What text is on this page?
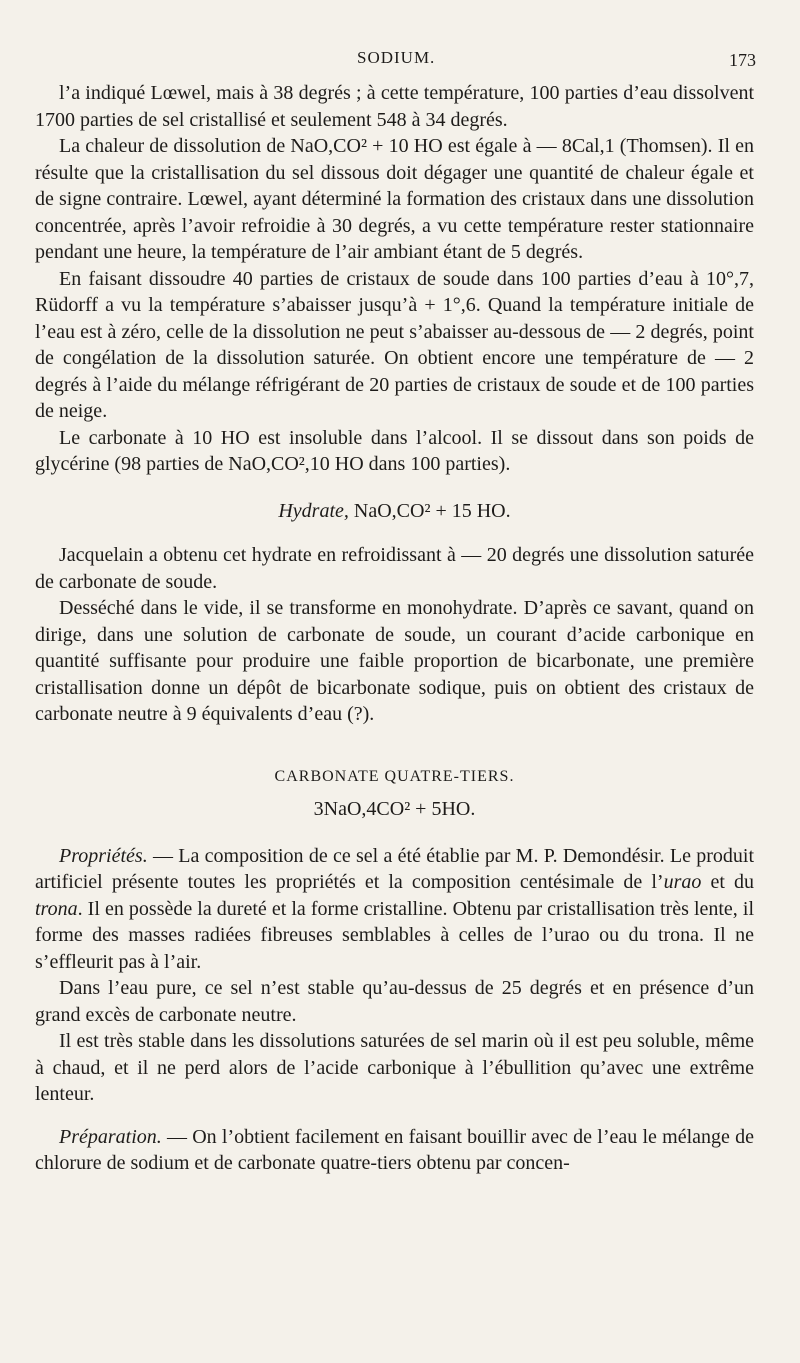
SODIUM.	173

l’a indiqué Lœwel, mais à 38 degrés ; à cette température, 100 parties d’eau dissolvent 1700 parties de sel cristallisé et seulement 548 à 34 degrés.

La chaleur de dissolution de NaO,CO² + 10 HO est égale à — 8Cal,1 (Thomsen). Il en résulte que la cristallisation du sel dissous doit dégager une quantité de chaleur égale et de signe contraire. Lœwel, ayant déterminé la formation des cristaux dans une dissolution concentrée, après l’avoir refroidie à 30 degrés, a vu cette température rester stationnaire pendant une heure, la température de l’air ambiant étant de 5 degrés.

En faisant dissoudre 40 parties de cristaux de soude dans 100 parties d’eau à 10°,7, Rüdorff a vu la température s’abaisser jusqu’à + 1°,6. Quand la température initiale de l’eau est à zéro, celle de la dissolution ne peut s’abaisser au-dessous de — 2 degrés, point de congélation de la dissolution saturée. On obtient encore une température de — 2 degrés à l’aide du mélange réfrigérant de 20 parties de cristaux de soude et de 100 parties de neige.

Le carbonate à 10 HO est insoluble dans l’alcool. Il se dissout dans son poids de glycérine (98 parties de NaO,CO²,10 HO dans 100 parties).

Hydrate, NaO,CO² + 15 HO.

Jacquelain a obtenu cet hydrate en refroidissant à — 20 degrés une dissolution saturée de carbonate de soude.

Desséché dans le vide, il se transforme en monohydrate. D’après ce savant, quand on dirige, dans une solution de carbonate de soude, un courant d’acide carbonique en quantité suffisante pour produire une faible proportion de bicarbonate, une première cristallisation donne un dépôt de bicarbonate sodique, puis on obtient des cristaux de carbonate neutre à 9 équivalents d’eau (?).

CARBONATE QUATRE-TIERS.
3NaO,4CO² + 5HO.

Propriétés. — La composition de ce sel a été établie par M. P. Demondésir. Le produit artificiel présente toutes les propriétés et la composition centésimale de l’urao et du trona. Il en possède la dureté et la forme cristalline. Obtenu par cristallisation très lente, il forme des masses radiées fibreuses semblables à celles de l’urao ou du trona. Il ne s’effleurit pas à l’air.

Dans l’eau pure, ce sel n’est stable qu’au-dessus de 25 degrés et en présence d’un grand excès de carbonate neutre.

Il est très stable dans les dissolutions saturées de sel marin où il est peu soluble, même à chaud, et il ne perd alors de l’acide carbonique à l’ébullition qu’avec une extrême lenteur.

Préparation. — On l’obtient facilement en faisant bouillir avec de l’eau le mélange de chlorure de sodium et de carbonate quatre-tiers obtenu par concen-
